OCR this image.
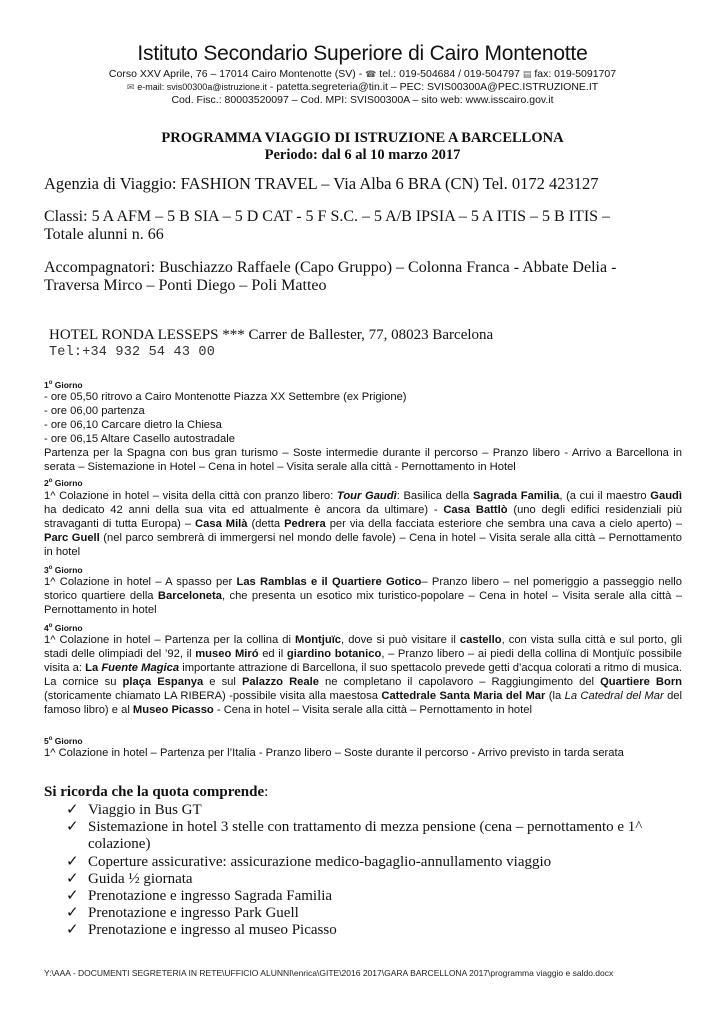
Istituto Secondario Superiore di Cairo Montenotte
Corso XXV Aprile, 76 – 17014 Cairo Montenotte (SV) - ☎ tel.: 019-504684 / 019-504797 ▤ fax: 019-5091707
✉ e-mail: svis00300a@istruzione.it - patetta.segreteria@tin.it – PEC: SVIS00300A@PEC.ISTRUZIONE.IT
Cod. Fisc.: 80003520097 – Cod. MPI: SVIS00300A – sito web: www.isscairo.gov.it
PROGRAMMA VIAGGIO DI ISTRUZIONE A BARCELLONA
Periodo: dal 6 al 10 marzo 2017
Agenzia di Viaggio: FASHION TRAVEL – Via Alba 6 BRA (CN) Tel. 0172 423127
Classi: 5 A AFM – 5 B SIA – 5 D CAT - 5 F S.C. – 5 A/B IPSIA – 5 A ITIS – 5 B ITIS –
Totale alunni n. 66
Accompagnatori: Buschiazzo Raffaele (Capo Gruppo) – Colonna Franca - Abbate Delia -
Traversa Mirco – Ponti Diego – Poli Matteo
HOTEL RONDA LESSEPS *** Carrer de Ballester, 77, 08023 Barcelona
Tel:+34 932 54 43 00
1$^o$ Giorno
- ore 05,50 ritrovo a Cairo Montenotte Piazza XX Settembre (ex Prigione)
- ore 06,00 partenza
- ore 06,10 Carcare dietro la Chiesa
- ore 06,15 Altare Casello autostradale
Partenza per la Spagna con bus gran turismo – Soste intermedie durante il percorso – Pranzo libero - Arrivo a Barcellona in serata – Sistemazione in Hotel – Cena in hotel – Visita serale alla città - Pernottamento in Hotel
2$^o$ Giorno
1^ Colazione in hotel – visita della città con pranzo libero: Tour Gaudì: Basilica della Sagrada Familia, (a cui il maestro Gaudì ha dedicato 42 anni della sua vita ed attualmente è ancora da ultimare) - Casa Battlò (uno degli edifici residenziali più stravaganti di tutta Europa) – Casa Milà (detta Pedrera per via della facciata esteriore che sembra una cava a cielo aperto) – Parc Guell (nel parco sembrerà di immergersi nel mondo delle favole) – Cena in hotel – Visita serale alla città – Pernottamento in hotel
3$^o$ Giorno
1^ Colazione in hotel – A spasso per Las Ramblas e il Quartiere Gotico– Pranzo libero – nel pomeriggio a passeggio nello storico quartiere della Barceloneta, che presenta un esotico mix turistico-popolare – Cena in hotel – Visita serale alla città – Pernottamento in hotel
4$^o$ Giorno
1^ Colazione in hotel – Partenza per la collina di Montjuïc, dove si può visitare il castello, con vista sulla città e sul porto, gli stadi delle olimpiadi del ’92, il museo Miró ed il giardino botanico, – Pranzo libero – ai piedi della collina di Montjuïc possibile visita a: La Fuente Magica importante attrazione di Barcellona, il suo spettacolo prevede getti d’acqua colorati a ritmo di musica. La cornice su plaça Espanya e sul Palazzo Reale ne completano il capolavoro – Raggiungimento del Quartiere Born (storicamente chiamato LA RIBERA) -possibile visita alla maestosa Cattedrale Santa Maria del Mar (la La Catedral del Mar del famoso libro) e al Museo Picasso - Cena in hotel – Visita serale alla città – Pernottamento in hotel
5$^o$ Giorno
1^ Colazione in hotel – Partenza per l’Italia - Pranzo libero – Soste durante il percorso - Arrivo previsto in tarda serata
Si ricorda che la quota comprende:
✓ Viaggio in Bus GT
✓ Sistemazione in hotel 3 stelle con trattamento di mezza pensione (cena – pernottamento e 1^ colazione)
✓ Coperture assicurative: assicurazione medico-bagaglio-annullamento viaggio
✓ Guida ½ giornata
✓ Prenotazione e ingresso Sagrada Familia
✓ Prenotazione e ingresso Park Guell
✓ Prenotazione e ingresso al museo Picasso
Y:\AAA - DOCUMENTI SEGRETERIA IN RETE\UFFICIO ALUNNI\enrica\GITE\2016 2017\GARA BARCELLONA 2017\programma viaggio e saldo.docx
